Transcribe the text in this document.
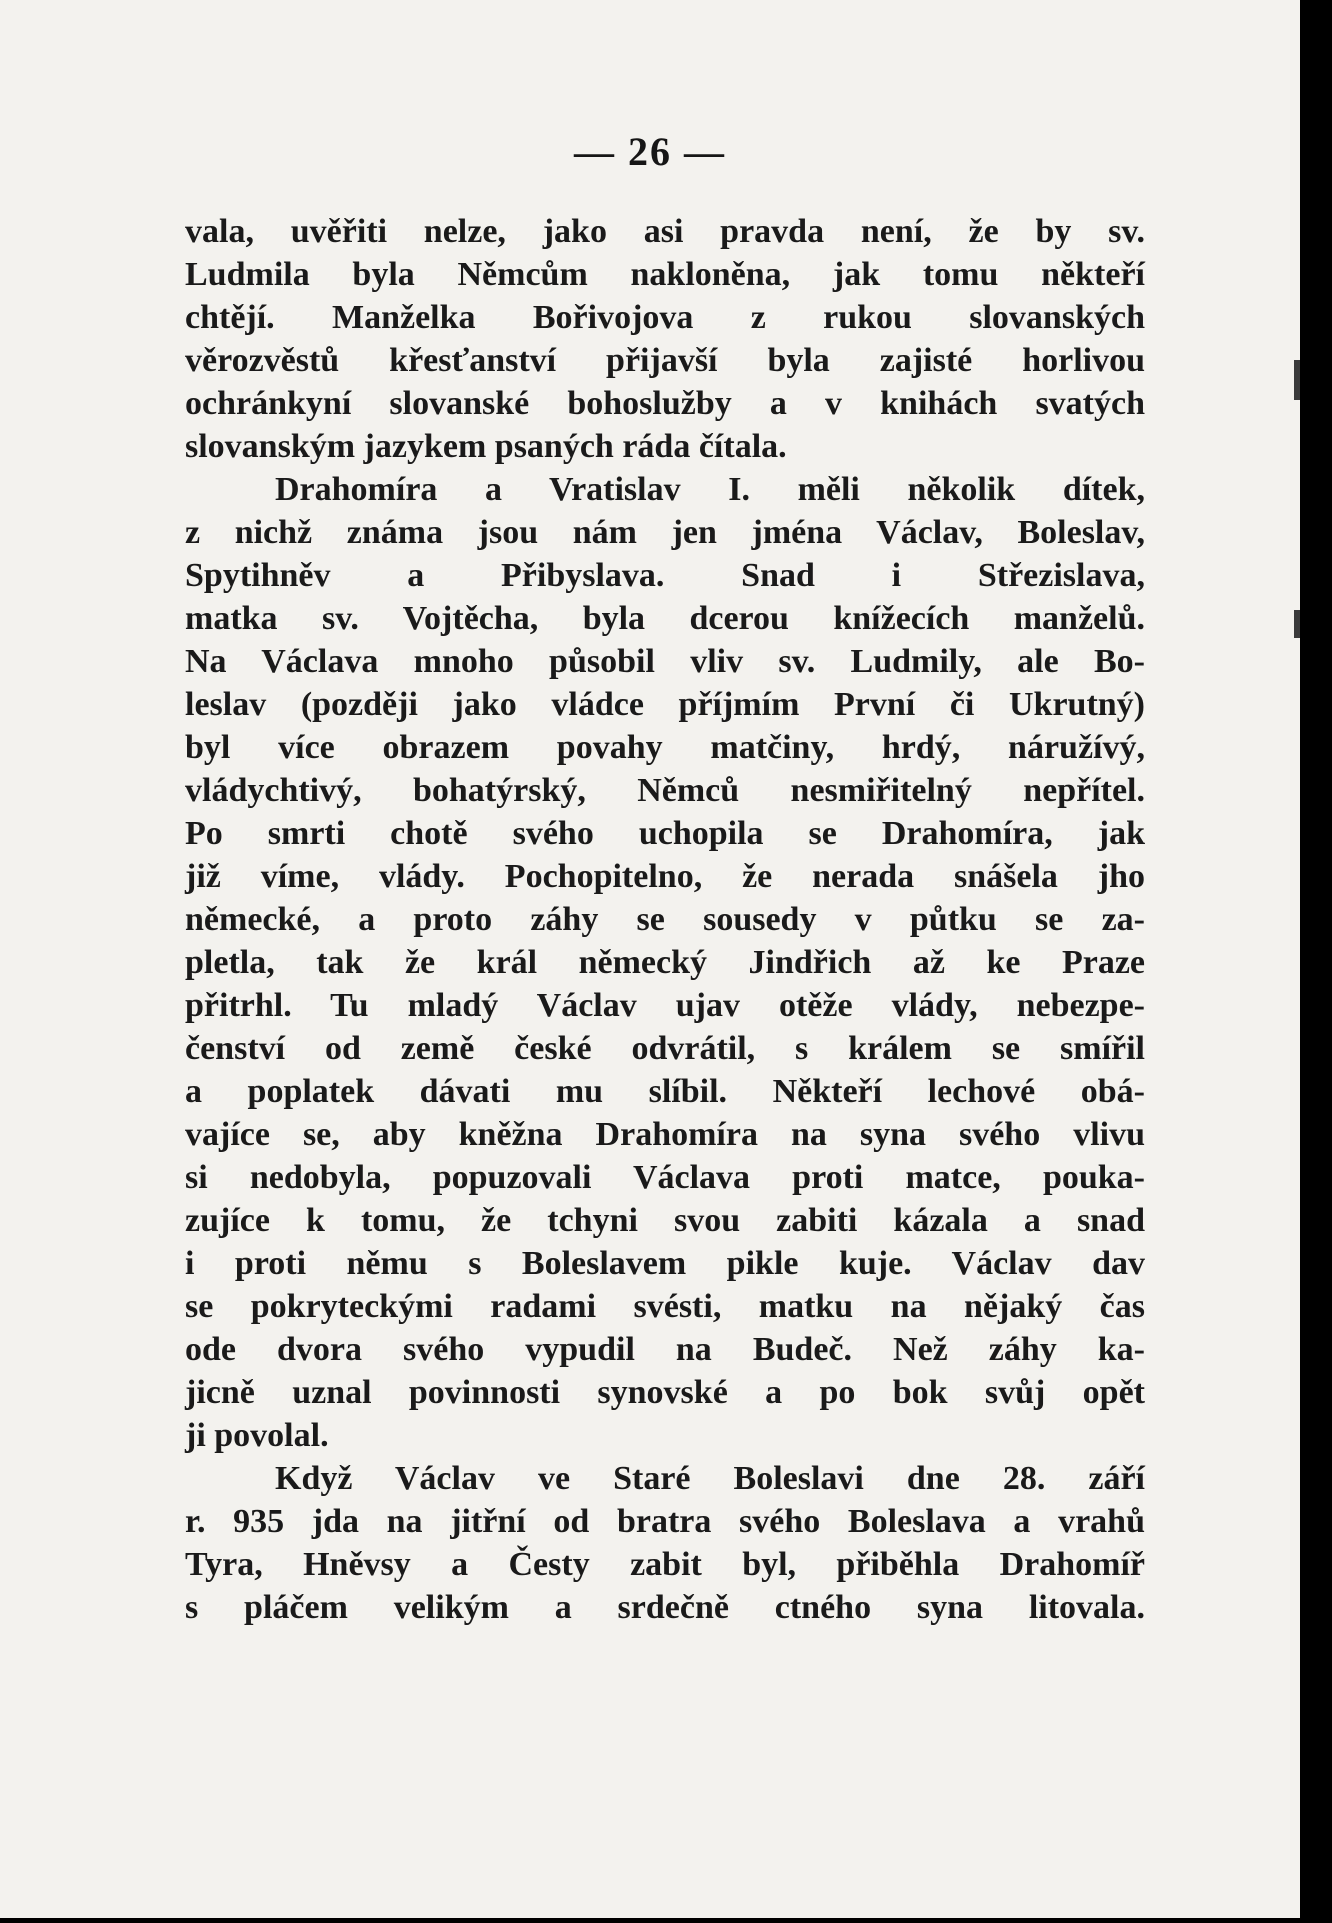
— 26 —
vala, uvěřiti nelze, jako asi pravda není, že by sv.
Ludmila byla Němcům nakloněna, jak tomu někteří
chtějí. Manželka Bořivojova z rukou slovanských
věrozvěstů křesťanství přijavší byla zajisté horlivou
ochránkyní slovanské bohoslužby a v knihách svatých
slovanským jazykem psaných ráda čítala.
Drahomíra a Vratislav I. měli několik dítek,
z nichž známa jsou nám jen jména Václav, Boleslav,
Spytihněv a Přibyslava. Snad i Střezislava,
matka sv. Vojtěcha, byla dcerou knížecích manželů.
Na Václava mnoho působil vliv sv. Ludmily, ale Bo-
leslav (později jako vládce příjmím První či Ukrutný)
byl více obrazem povahy matčiny, hrdý, náružívý,
vládychtivý, bohatýrský, Němců nesmiřitelný nepřítel.
Po smrti chotě svého uchopila se Drahomíra, jak
již víme, vlády. Pochopitelno, že nerada snášela jho
německé, a proto záhy se sousedy v půtku se za-
pletla, tak že král německý Jindřich až ke Praze
přitrhl. Tu mladý Václav ujav otěže vlády, nebezpe-
čenství od země české odvrátil, s králem se smířil
a poplatek dávati mu slíbil. Někteří lechové obá-
vajíce se, aby kněžna Drahomíra na syna svého vlivu
si nedobyla, popuzovali Václava proti matce, pouka-
zujíce k tomu, že tchyni svou zabiti kázala a snad
i proti němu s Boleslavem pikle kuje. Václav dav
se pokryteckými radami svésti, matku na nějaký čas
ode dvora svého vypudil na Budeč. Než záhy ka-
jicně uznal povinnosti synovské a po bok svůj opět
ji povolal.
Když Václav ve Staré Boleslavi dne 28. září
r. 935 jda na jitřní od bratra svého Boleslava a vrahů
Tyra, Hněvsy a Česty zabit byl, přiběhla Drahomíř
s pláčem velikým a srdečně ctného syna litovala.
